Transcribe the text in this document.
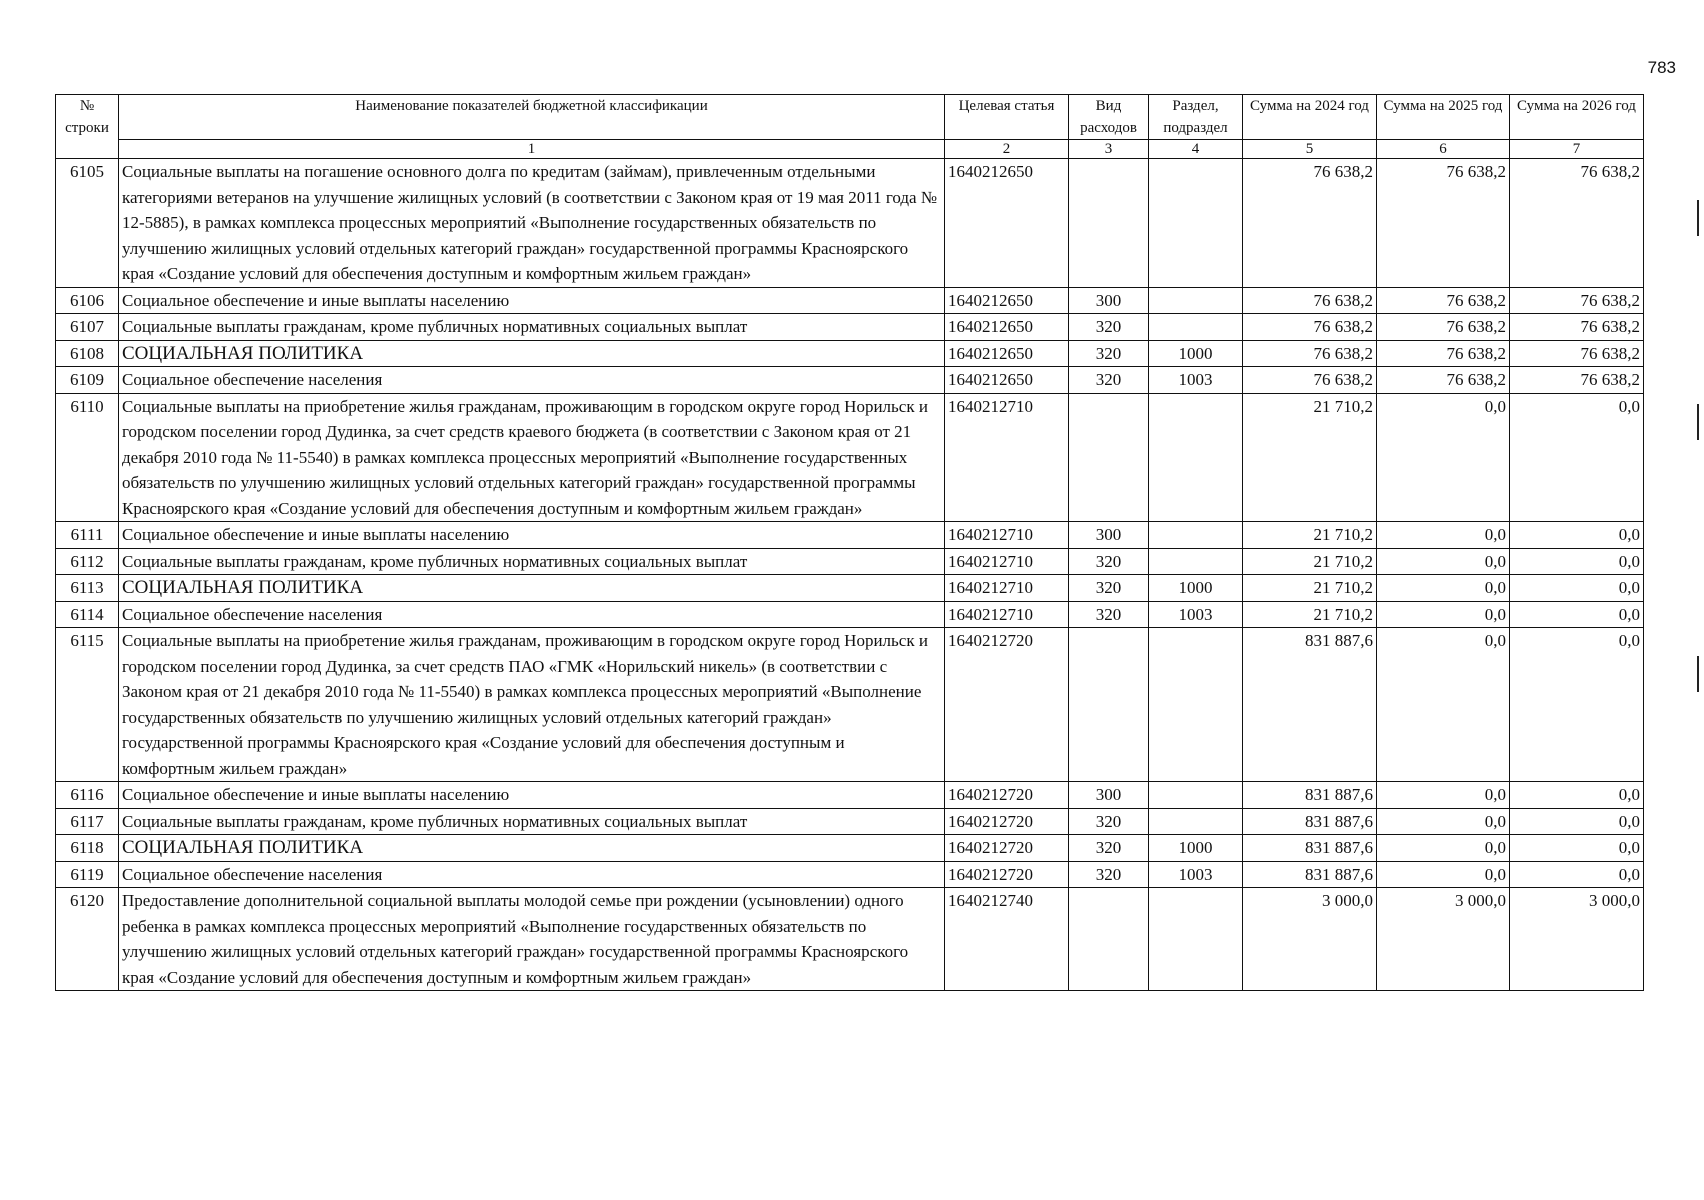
783
№ строки	Наименование показателей бюджетной классификации	Целевая статья	Вид расходов	Раздел, подраздел	Сумма на 2024 год	Сумма на 2025 год	Сумма на 2026 год
	1	2	3	4	5	6	7
6105	Социальные выплаты на погашение основного долга по кредитам (займам), привлеченным отдельными категориями ветеранов на улучшение жилищных условий (в соответствии с Законом края от 19 мая 2011 года № 12-5885), в рамках комплекса процессных мероприятий «Выполнение государственных обязательств по улучшению жилищных условий отдельных категорий граждан» государственной программы Красноярского края «Создание условий для обеспечения доступным и комфортным жильем граждан»	1640212650			76 638,2	76 638,2	76 638,2
6106	Социальное обеспечение и иные выплаты населению	1640212650	300		76 638,2	76 638,2	76 638,2
6107	Социальные выплаты гражданам, кроме публичных нормативных социальных выплат	1640212650	320		76 638,2	76 638,2	76 638,2
6108	СОЦИАЛЬНАЯ ПОЛИТИКА	1640212650	320	1000	76 638,2	76 638,2	76 638,2
6109	Социальное обеспечение населения	1640212650	320	1003	76 638,2	76 638,2	76 638,2
6110	Социальные выплаты на приобретение жилья гражданам, проживающим в городском округе город Норильск и городском поселении город Дудинка, за счет средств краевого бюджета (в соответствии с Законом края от 21 декабря 2010 года № 11-5540) в рамках комплекса процессных мероприятий «Выполнение государственных обязательств по улучшению жилищных условий отдельных категорий граждан» государственной программы Красноярского края «Создание условий для обеспечения доступным и комфортным жильем граждан»	1640212710			21 710,2	0,0	0,0
6111	Социальное обеспечение и иные выплаты населению	1640212710	300		21 710,2	0,0	0,0
6112	Социальные выплаты гражданам, кроме публичных нормативных социальных выплат	1640212710	320		21 710,2	0,0	0,0
6113	СОЦИАЛЬНАЯ ПОЛИТИКА	1640212710	320	1000	21 710,2	0,0	0,0
6114	Социальное обеспечение населения	1640212710	320	1003	21 710,2	0,0	0,0
6115	Социальные выплаты на приобретение жилья гражданам, проживающим в городском округе город Норильск и городском поселении город Дудинка, за счет средств ПАО «ГМК «Норильский никель» (в соответствии с Законом края от 21 декабря 2010 года № 11-5540) в рамках комплекса процессных мероприятий «Выполнение государственных обязательств по улучшению жилищных условий отдельных категорий граждан» государственной программы Красноярского края «Создание условий для обеспечения доступным и комфортным жильем граждан»	1640212720			831 887,6	0,0	0,0
6116	Социальное обеспечение и иные выплаты населению	1640212720	300		831 887,6	0,0	0,0
6117	Социальные выплаты гражданам, кроме публичных нормативных социальных выплат	1640212720	320		831 887,6	0,0	0,0
6118	СОЦИАЛЬНАЯ ПОЛИТИКА	1640212720	320	1000	831 887,6	0,0	0,0
6119	Социальное обеспечение населения	1640212720	320	1003	831 887,6	0,0	0,0
6120	Предоставление дополнительной социальной выплаты молодой семье при рождении (усыновлении) одного ребенка в рамках комплекса процессных мероприятий «Выполнение государственных обязательств по улучшению жилищных условий отдельных категорий граждан» государственной программы Красноярского края «Создание условий для обеспечения доступным и комфортным жильем граждан»	1640212740			3 000,0	3 000,0	3 000,0
